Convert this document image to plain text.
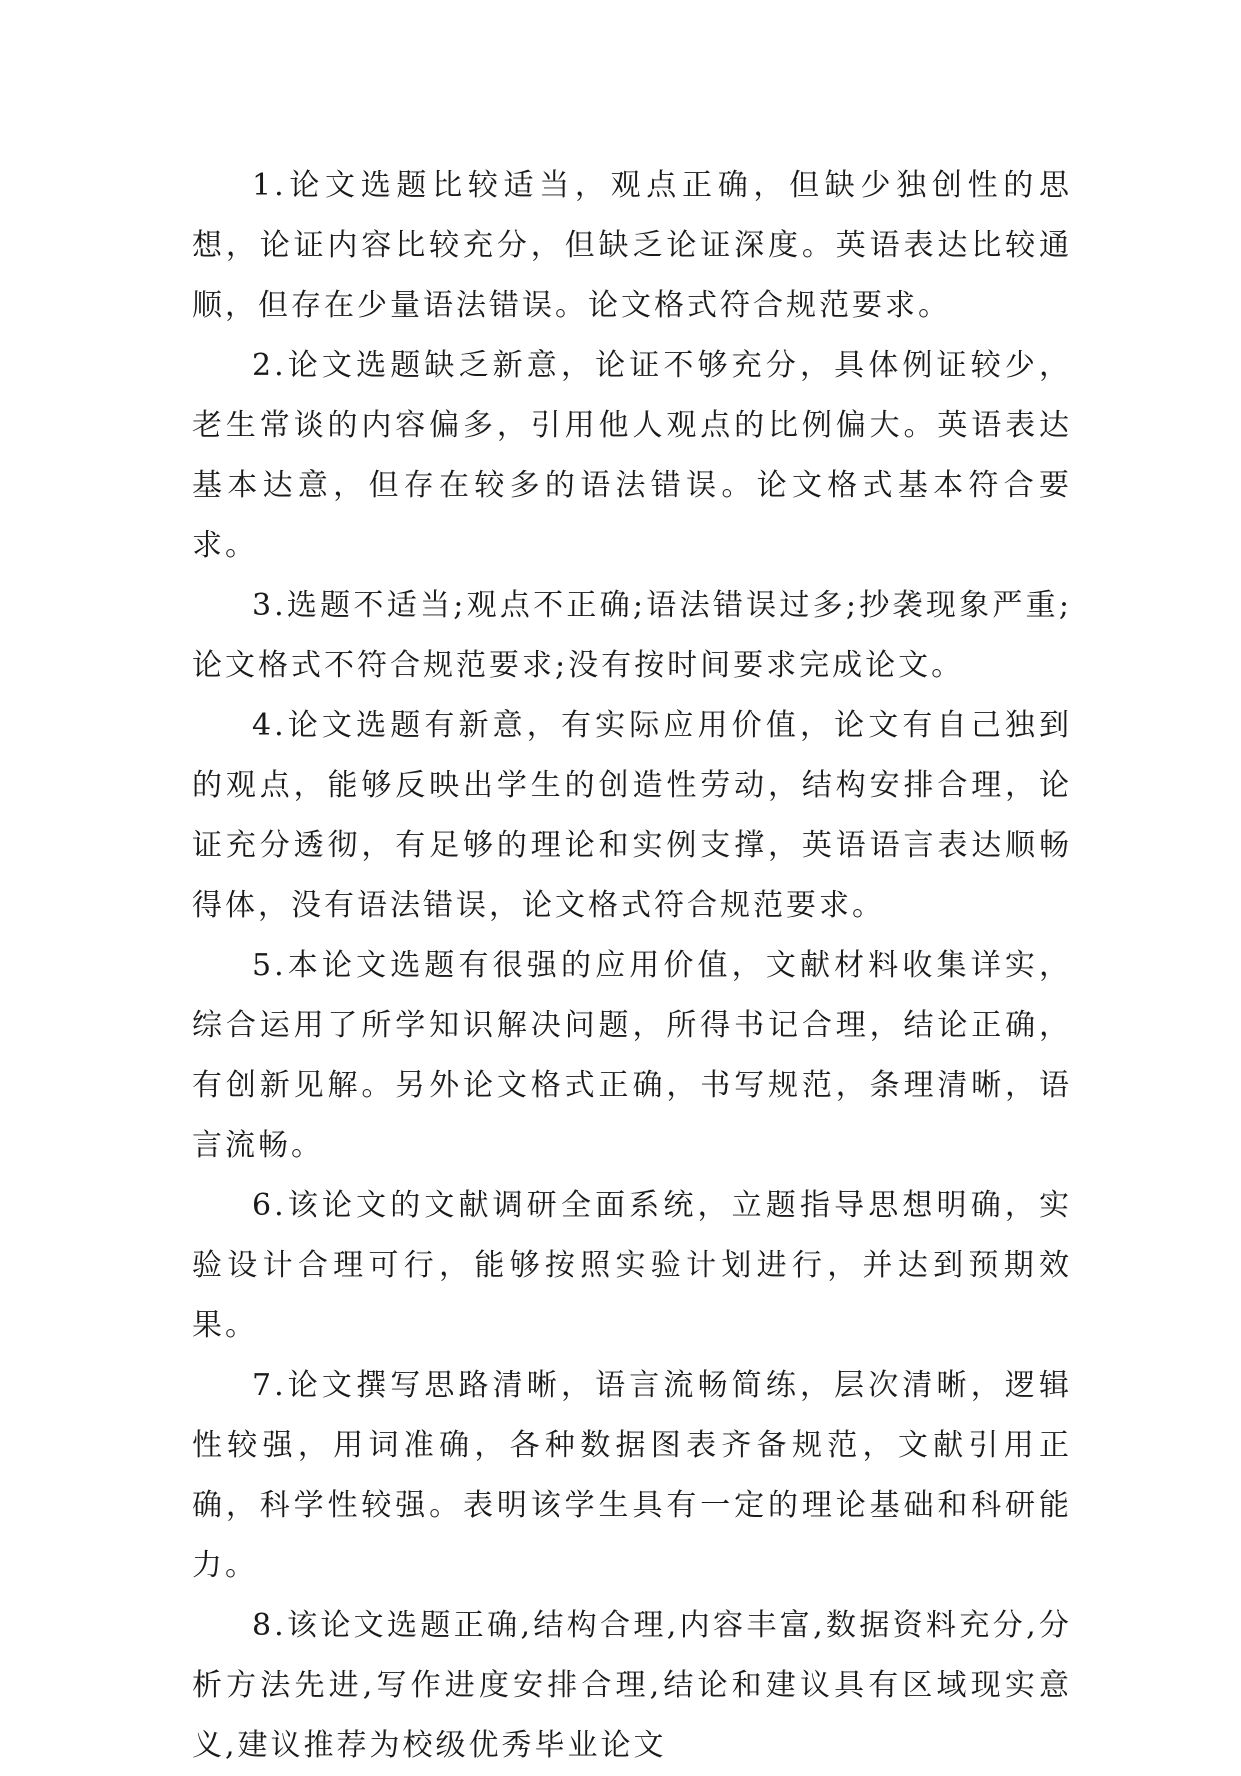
1.论文选题比较适当，观点正确，但缺少独创性的思想，论证内容比较充分，但缺乏论证深度。英语表达比较通顺，但存在少量语法错误。论文格式符合规范要求。

2.论文选题缺乏新意，论证不够充分，具体例证较少，老生常谈的内容偏多，引用他人观点的比例偏大。英语表达基本达意，但存在较多的语法错误。论文格式基本符合要求。

3.选题不适当;观点不正确;语法错误过多;抄袭现象严重;论文格式不符合规范要求;没有按时间要求完成论文。

4.论文选题有新意，有实际应用价值，论文有自己独到的观点，能够反映出学生的创造性劳动，结构安排合理，论证充分透彻，有足够的理论和实例支撑，英语语言表达顺畅得体，没有语法错误，论文格式符合规范要求。

5.本论文选题有很强的应用价值，文献材料收集详实，综合运用了所学知识解决问题，所得书记合理，结论正确，有创新见解。另外论文格式正确，书写规范，条理清晰，语言流畅。

6.该论文的文献调研全面系统，立题指导思想明确，实验设计合理可行，能够按照实验计划进行，并达到预期效果。

7.论文撰写思路清晰，语言流畅简练，层次清晰，逻辑性较强，用词准确，各种数据图表齐备规范，文献引用正确，科学性较强。表明该学生具有一定的理论基础和科研能力。

8.该论文选题正确,结构合理,内容丰富,数据资料充分,分析方法先进,写作进度安排合理,结论和建议具有区域现实意义,建议推荐为校级优秀毕业论文
